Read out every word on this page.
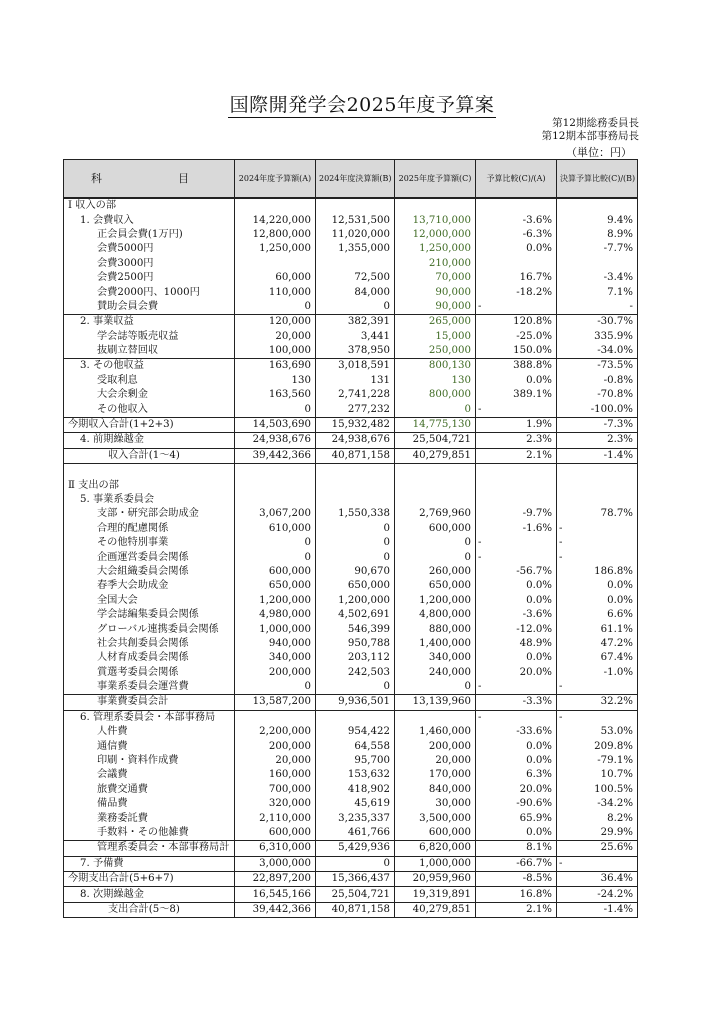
国際開発学会2025年度予算案
第12期総務委員長
第12期本部事務局長
（単位：円）
科　　目	2024年度予算額(A)	2024年度決算額(B)	2025年度予算額(C)	予算比較(C)/(A)	決算予算比較(C)/(B)
Ⅰ 収入の部					
1. 会費収入	14,220,000	12,531,500	13,710,000	-3.6%	9.4%
正会員会費(1万円)	12,800,000	11,020,000	12,000,000	-6.3%	8.9%
会費5000円	1,250,000	1,355,000	1,250,000	0.0%	-7.7%
会費3000円			210,000		
会費2500円	60,000	72,500	70,000	16.7%	-3.4%
会費2000円、1000円	110,000	84,000	90,000	-18.2%	7.1%
賛助会員会費	0	0	90,000	-	-
2. 事業収益	120,000	382,391	265,000	120.8%	-30.7%
学会誌等販売収益	20,000	3,441	15,000	-25.0%	335.9%
抜刷立替回収	100,000	378,950	250,000	150.0%	-34.0%
3. その他収益	163,690	3,018,591	800,130	388.8%	-73.5%
受取利息	130	131	130	0.0%	-0.8%
大会余剰金	163,560	2,741,228	800,000	389.1%	-70.8%
その他収入	0	277,232	0	-	-100.0%
今期収入合計(1+2+3)	14,503,690	15,932,482	14,775,130	1.9%	-7.3%
4. 前期繰越金	24,938,676	24,938,676	25,504,721	2.3%	2.3%
収入合計(1～4)	39,442,366	40,871,158	40,279,851	2.1%	-1.4%

Ⅱ 支出の部					
5. 事業系委員会					
支部・研究部会助成金	3,067,200	1,550,338	2,769,960	-9.7%	78.7%
合理的配慮関係	610,000	0	600,000	-1.6%	-
その他特別事業	0	0	0	-	-
企画運営委員会関係	0	0	0	-	-
大会組織委員会関係	600,000	90,670	260,000	-56.7%	186.8%
春季大会助成金	650,000	650,000	650,000	0.0%	0.0%
全国大会	1,200,000	1,200,000	1,200,000	0.0%	0.0%
学会誌編集委員会関係	4,980,000	4,502,691	4,800,000	-3.6%	6.6%
グローバル連携委員会関係	1,000,000	546,399	880,000	-12.0%	61.1%
社会共創委員会関係	940,000	950,788	1,400,000	48.9%	47.2%
人材育成委員会関係	340,000	203,112	340,000	0.0%	67.4%
賞選考委員会関係	200,000	242,503	240,000	20.0%	-1.0%
事業系委員会運営費	0	0	0	-	-
事業費委員会計	13,587,200	9,936,501	13,139,960	-3.3%	32.2%
6. 管理系委員会・本部事務局				-	-
人件費	2,200,000	954,422	1,460,000	-33.6%	53.0%
通信費	200,000	64,558	200,000	0.0%	209.8%
印刷・資料作成費	20,000	95,700	20,000	0.0%	-79.1%
会議費	160,000	153,632	170,000	6.3%	10.7%
旅費交通費	700,000	418,902	840,000	20.0%	100.5%
備品費	320,000	45,619	30,000	-90.6%	-34.2%
業務委託費	2,110,000	3,235,337	3,500,000	65.9%	8.2%
手数料・その他雑費	600,000	461,766	600,000	0.0%	29.9%
管理系委員会・本部事務局計	6,310,000	5,429,936	6,820,000	8.1%	25.6%
7. 予備費	3,000,000	0	1,000,000	-66.7%	-
今期支出合計(5+6+7)	22,897,200	15,366,437	20,959,960	-8.5%	36.4%
8. 次期繰越金	16,545,166	25,504,721	19,319,891	16.8%	-24.2%
支出合計(5～8)	39,442,366	40,871,158	40,279,851	2.1%	-1.4%
